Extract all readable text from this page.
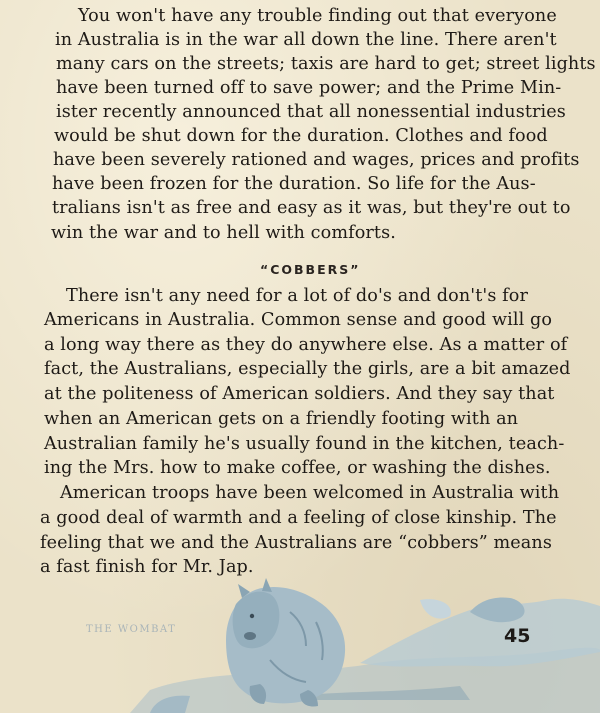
You won't have any trouble finding out that everyone
in Australia is in the war all down the line. There aren't
many cars on the streets; taxis are hard to get; street lights
have been turned off to save power; and the Prime Min-
ister recently announced that all nonessential industries
would be shut down for the duration. Clothes and food
have been severely rationed and wages, prices and profits
have been frozen for the duration. So life for the Aus-
tralians isn't as free and easy as it was, but they're out to
win the war and to hell with comforts.
“COBBERS”
There isn't any need for a lot of do's and don't's for
Americans in Australia. Common sense and good will go
a long way there as they do anywhere else. As a matter of
fact, the Australians, especially the girls, are a bit amazed
at the politeness of American soldiers. And they say that
when an American gets on a friendly footing with an
Australian family he's usually found in the kitchen, teach-
ing the Mrs. how to make coffee, or washing the dishes.
American troops have been welcomed in Australia with
a good deal of warmth and a feeling of close kinship. The
feeling that we and the Australians are “cobbers” means
a fast finish for Mr. Jap.
THE WOMBAT	45
